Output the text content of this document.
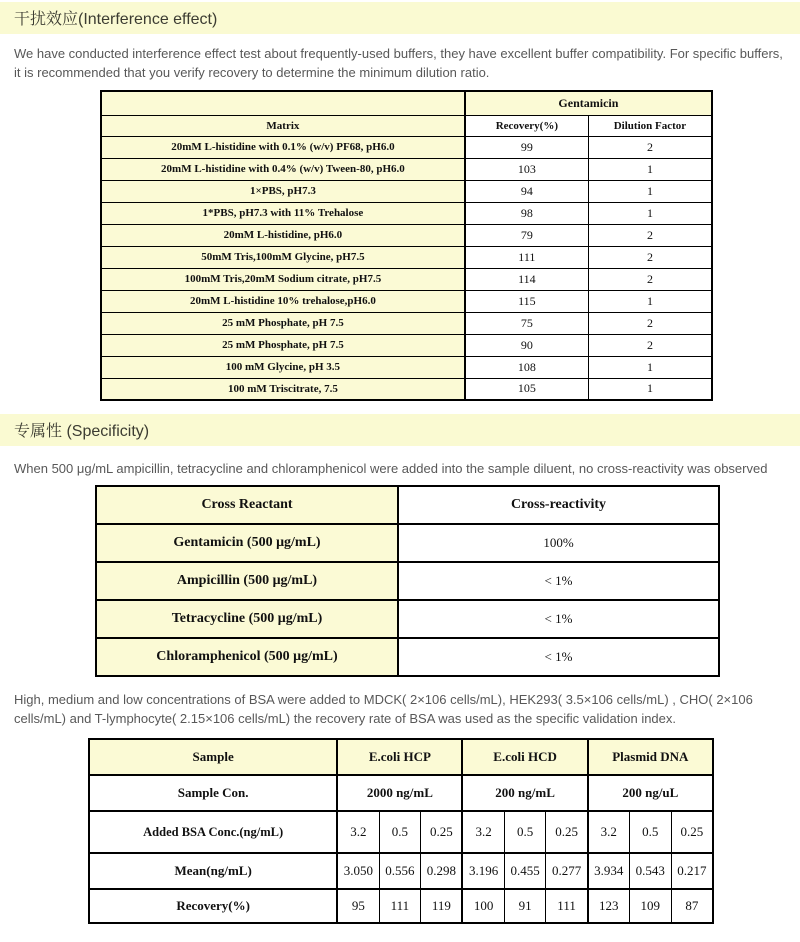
干扰效应(Interference effect)

We have conducted interference effect test about frequently-used buffers, they have excellent buffer compatibility. For specific buffers, it is recommended that you verify recovery to determine the minimum dilution ratio.

	Gentamicin	
Matrix	Recovery(%)	Dilution Factor
20mM L-histidine with 0.1% (w/v) PF68, pH6.0	99	2
20mM L-histidine with 0.4% (w/v) Tween-80, pH6.0	103	1
1×PBS, pH7.3	94	1
1*PBS, pH7.3 with 11% Trehalose	98	1
20mM L-histidine, pH6.0	79	2
50mM Tris,100mM Glycine, pH7.5	111	2
100mM Tris,20mM Sodium citrate, pH7.5	114	2
20mM L-histidine 10% trehalose,pH6.0	115	1
25 mM Phosphate, pH 7.5	75	2
25 mM Phosphate, pH 7.5	90	2
100 mM Glycine, pH 3.5	108	1
100 mM Triscitrate, 7.5	105	1
专属性 (Specificity)

When 500 μg/mL ampicillin, tetracycline and chloramphenicol were added into the sample diluent, no cross-reactivity was observed

Cross Reactant	Cross-reactivity
Gentamicin (500 μg/mL)	100%
Ampicillin (500 μg/mL)	< 1%
Tetracycline (500 μg/mL)	< 1%
Chloramphenicol (500 μg/mL)	< 1%

High, medium and low concentrations of BSA were added to MDCK( 2×106 cells/mL), HEK293( 3.5×106 cells/mL) , CHO( 2×106 cells/mL) and T-lymphocyte( 2.15×106 cells/mL) the recovery rate of BSA was used as the specific validation index.

Sample	E.coli HCP			E.coli HCD			Plasmid DNA		
Sample Con.	2000 ng/mL			200 ng/mL			200 ng/uL		
Added BSA Conc.(ng/mL)	3.2	0.5	0.25	3.2	0.5	0.25	3.2	0.5	0.25
Mean(ng/mL)	3.050	0.556	0.298	3.196	0.455	0.277	3.934	0.543	0.217
Recovery(%)	95	111	119	100	91	111	123	109	87
